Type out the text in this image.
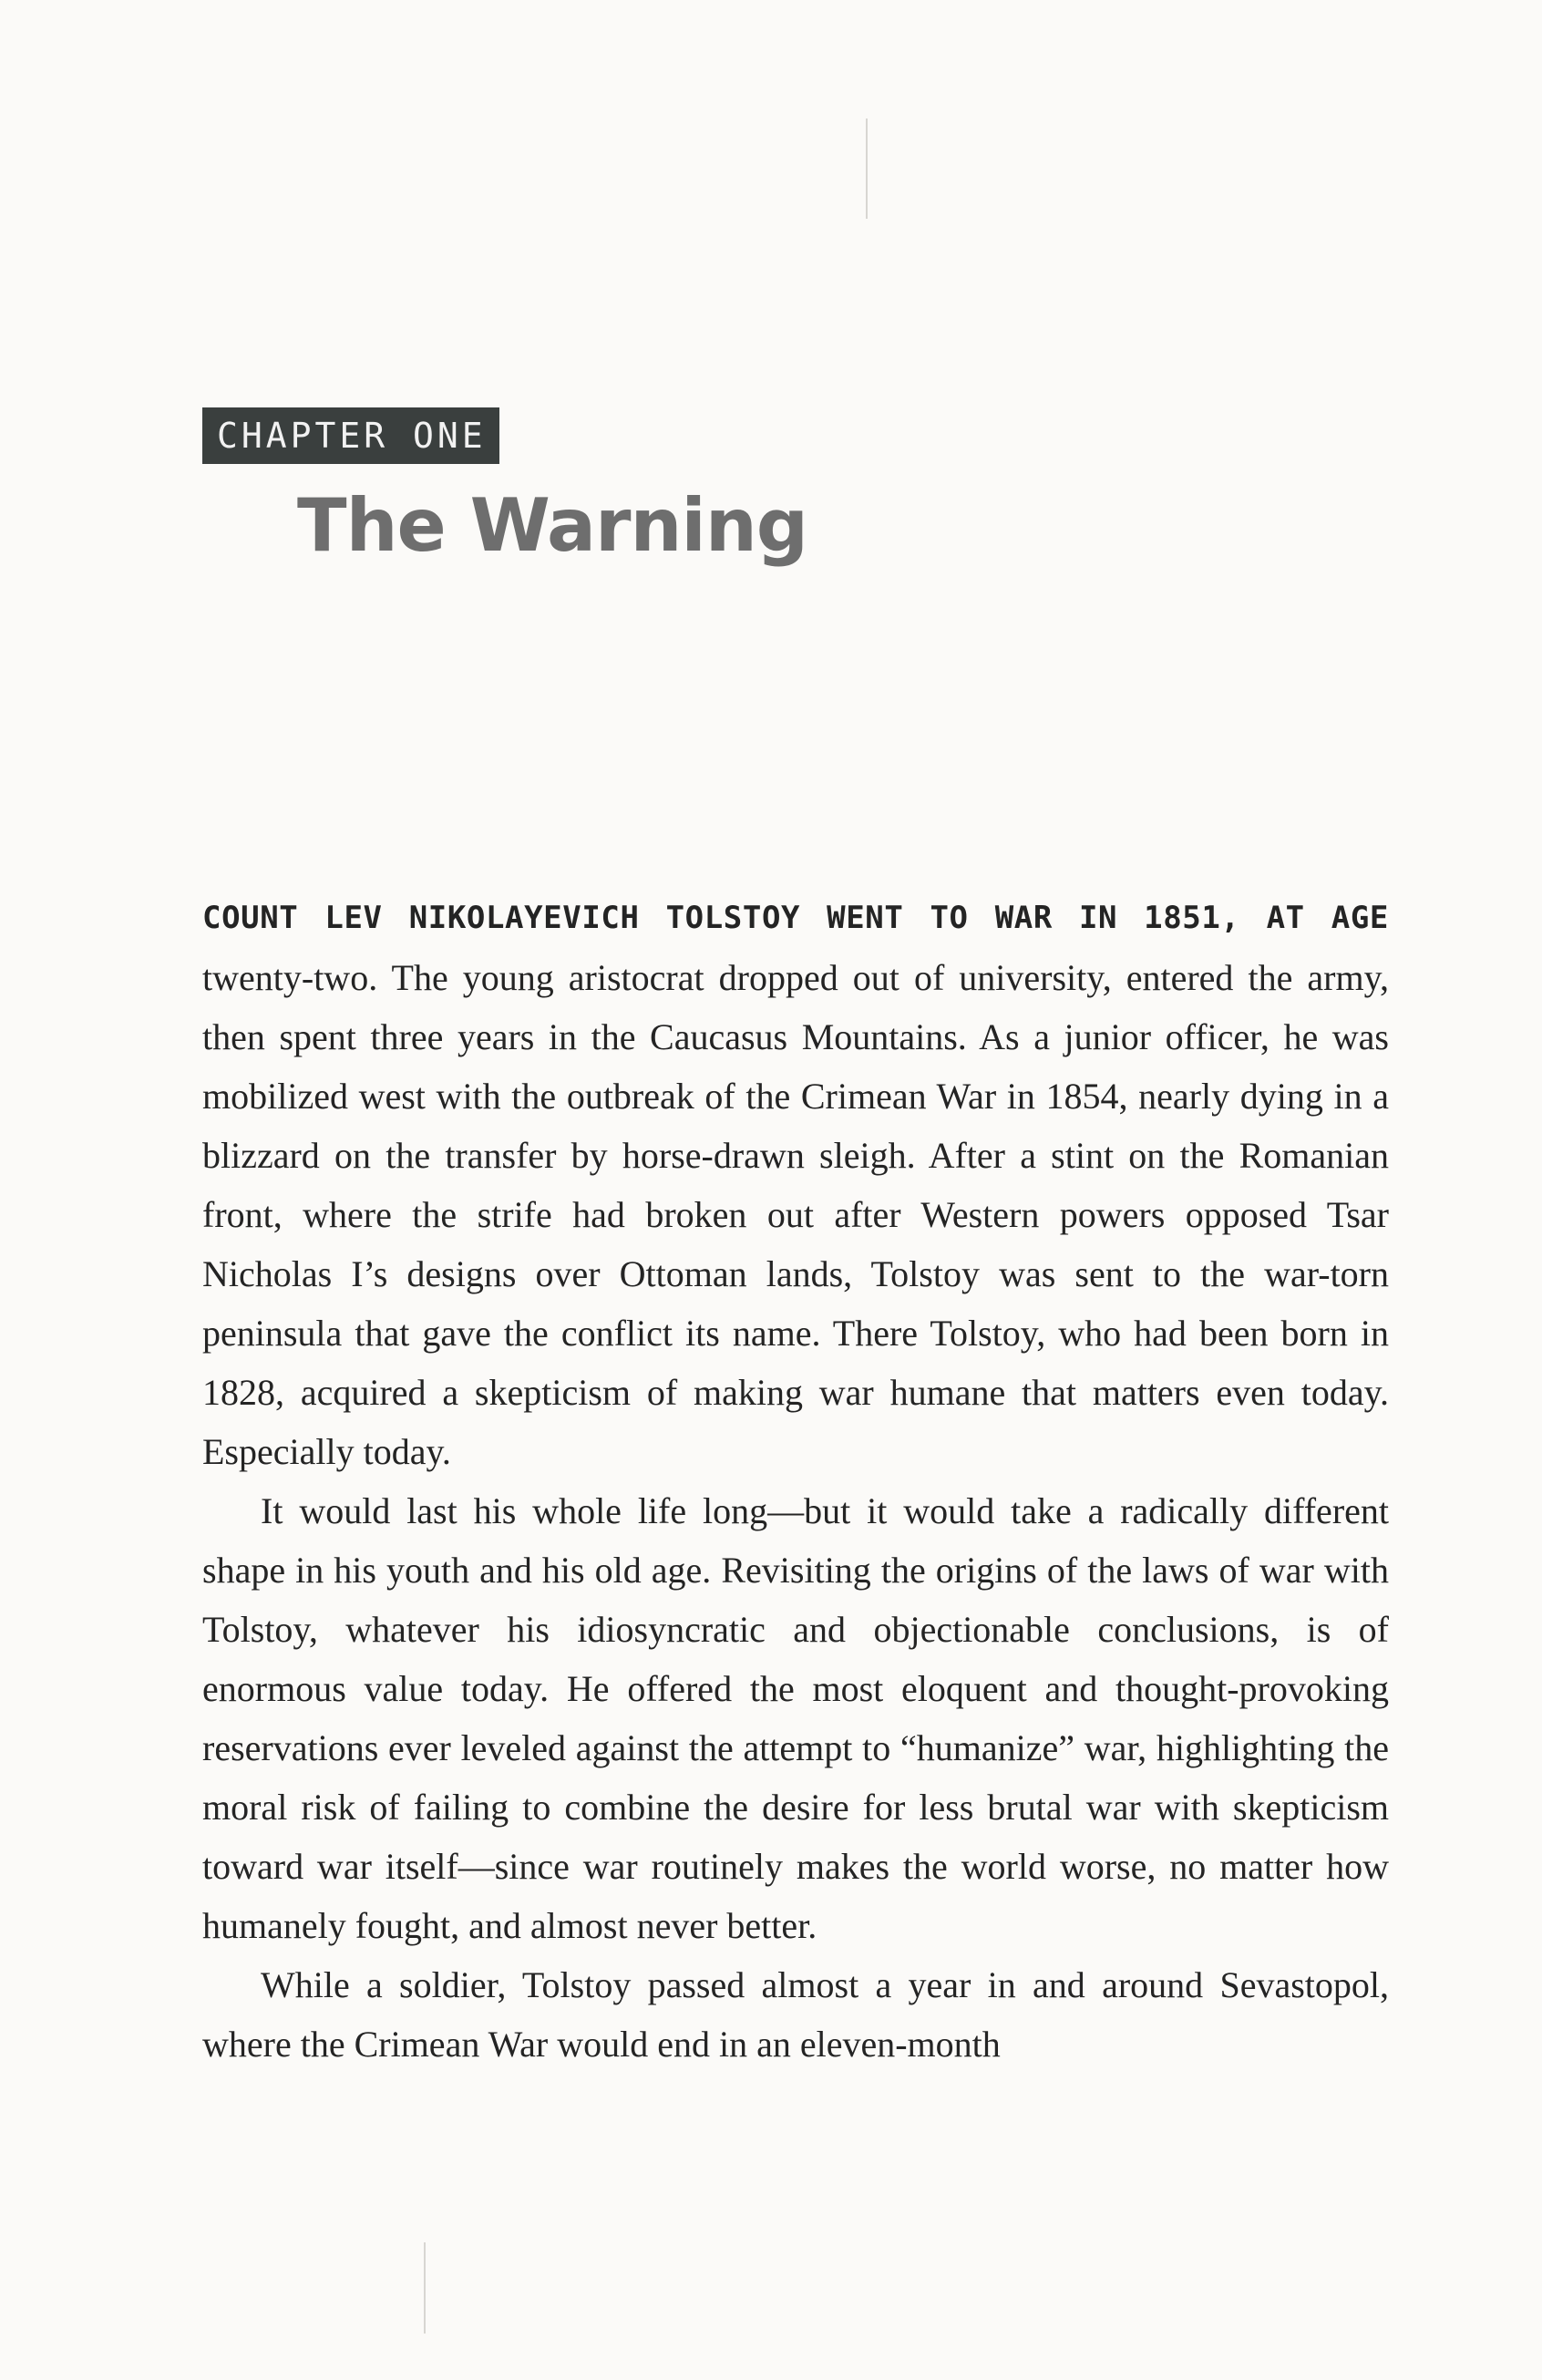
CHAPTER ONE
The Warning

COUNT LEV NIKOLAYEVICH TOLSTOY WENT TO WAR IN 1851, AT AGE twenty-two. The young aristocrat dropped out of university, entered the army, then spent three years in the Caucasus Mountains. As a junior officer, he was mobilized west with the outbreak of the Crimean War in 1854, nearly dying in a blizzard on the transfer by horse-drawn sleigh. After a stint on the Romanian front, where the strife had broken out after Western powers opposed Tsar Nicholas I’s designs over Ottoman lands, Tolstoy was sent to the war-torn peninsula that gave the conflict its name. There Tolstoy, who had been born in 1828, acquired a skepticism of making war humane that matters even today. Especially today.

It would last his whole life long—but it would take a radically different shape in his youth and his old age. Revisiting the origins of the laws of war with Tolstoy, whatever his idiosyncratic and objectionable conclusions, is of enormous value today. He offered the most eloquent and thought-provoking reservations ever leveled against the attempt to “humanize” war, highlighting the moral risk of failing to combine the desire for less brutal war with skepticism toward war itself—since war routinely makes the world worse, no matter how humanely fought, and almost never better.

While a soldier, Tolstoy passed almost a year in and around Sevastopol, where the Crimean War would end in an eleven-month
